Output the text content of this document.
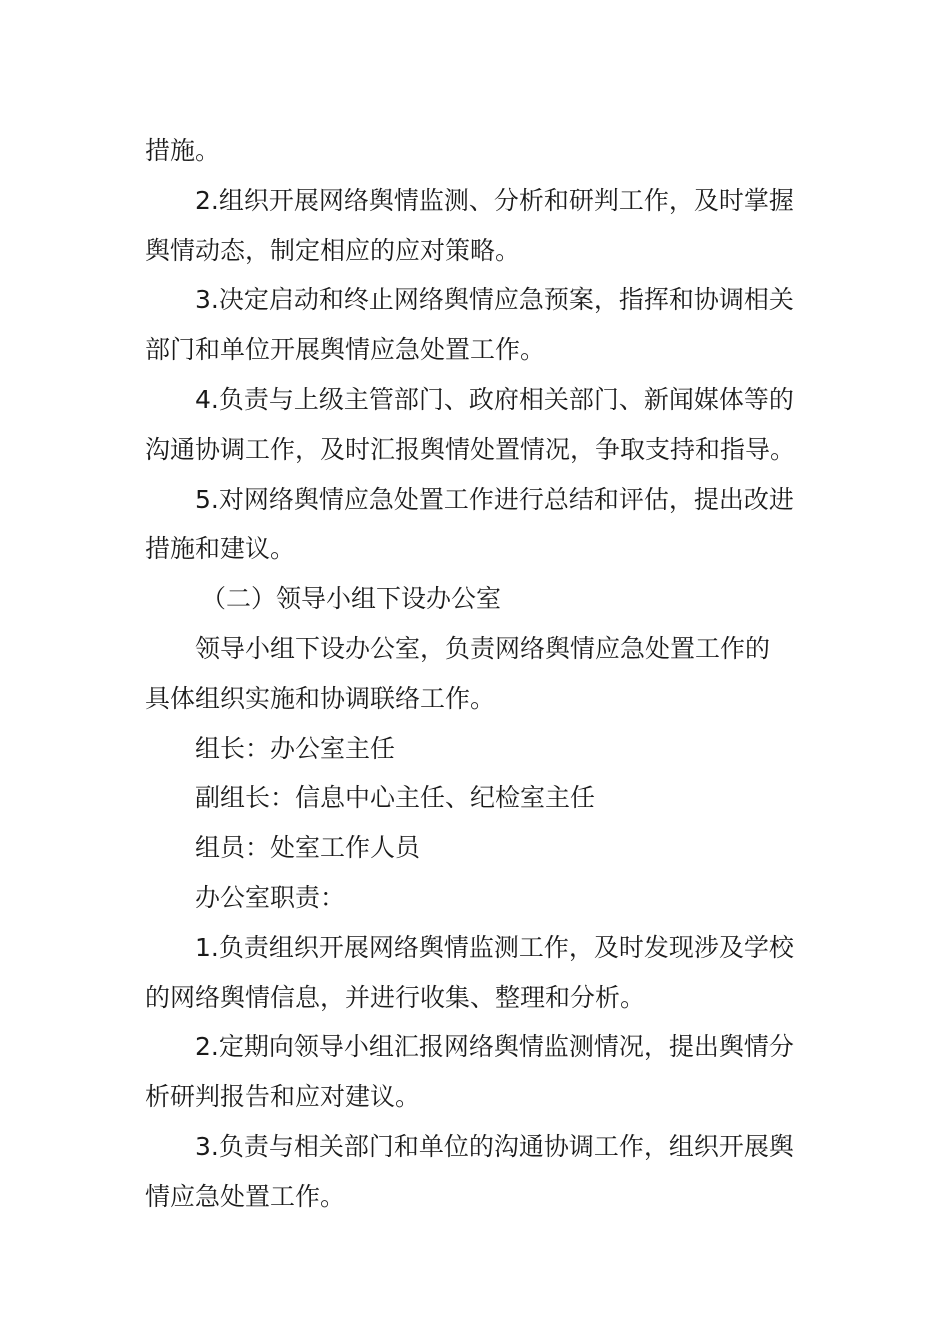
措施。
2.组织开展网络舆情监测、分析和研判工作，及时掌握
舆情动态，制定相应的应对策略。
3.决定启动和终止网络舆情应急预案，指挥和协调相关
部门和单位开展舆情应急处置工作。
4.负责与上级主管部门、政府相关部门、新闻媒体等的
沟通协调工作，及时汇报舆情处置情况，争取支持和指导。
5.对网络舆情应急处置工作进行总结和评估，提出改进
措施和建议。
（二）领导小组下设办公室
领导小组下设办公室，负责网络舆情应急处置工作的
具体组织实施和协调联络工作。
组长：办公室主任
副组长：信息中心主任、纪检室主任
组员：处室工作人员
办公室职责：
1.负责组织开展网络舆情监测工作，及时发现涉及学校
的网络舆情信息，并进行收集、整理和分析。
2.定期向领导小组汇报网络舆情监测情况，提出舆情分
析研判报告和应对建议。
3.负责与相关部门和单位的沟通协调工作，组织开展舆
情应急处置工作。
